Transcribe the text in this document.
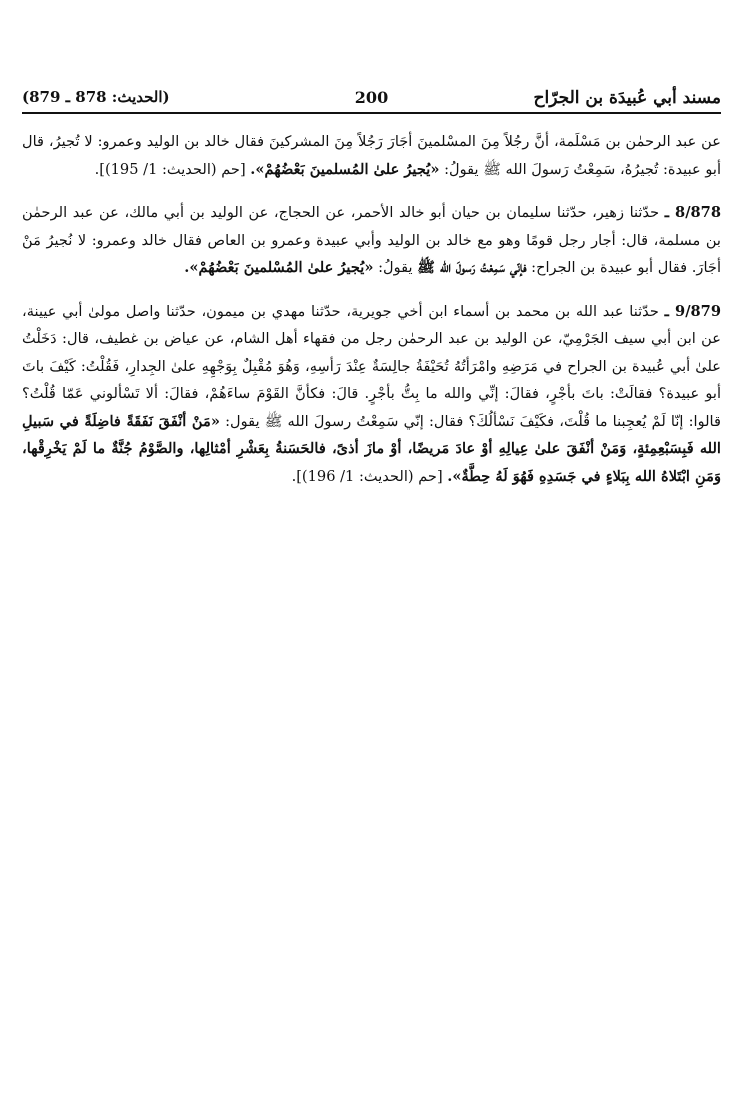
مسند أبي عُبيدَة بن الجرّاح
200
(الحديث: 878 ـ 879)

عن عبد الرحمٰن بن مَسْلَمة، أنَّ رجُلاً مِنَ المسْلمينَ أجَارَ رَجُلاً مِنَ المشركينَ فقال خالد بن الوليد وعمرو: لا تُجيرُ، قال أبو عبيدة: تُجيرُهُ، سَمِعْتُ رَسولَ الله ﷺ يقولُ: «يُجيرُ علىٰ المُسلمينَ بَعْضُهُمْ». [حم (الحديث: 1/ 195)].

8/878 ـ حدّثنا زهير، حدّثنا سليمان بن حيان أبو خالد الأحمر، عن الحجاج، عن الوليد بن أبي مالك، عن عبد الرحمٰن بن مسلمة، قال: أجار رجل قومًا وهو مع خالد بن الوليد وأبي عبيدة وعمرو بن العاص فقال خالد وعمرو: لا نُجيرُ مَنْ أجَارَ. فقال أبو عبيدة بن الجراح: فإنّي سَمِعْتُ رَسولَ الله ﷺ يقولُ: «يُجيرُ علىٰ المُسْلمينَ بَعْضُهُمْ».

9/879 ـ حدّثنا عبد الله بن محمد بن أسماء ابن أخي جويرية، حدّثنا مهدي بن ميمون، حدّثنا واصل مولىٰ أبي عيينة، عن ابن أبي سيف الجَرْمِيّ، عن الوليد بن عبد الرحمٰن رجل من فقهاء أهل الشام، عن عياض بن غطيف، قال: دَخَلْتُ علىٰ أبي عُبيدة بن الجراح في مَرَضِهِ وامْرَأتُهُ تُحَيْفَةُ جالِسَةٌ عِنْدَ رَأسِهِ، وَهُوَ مُقْبِلٌ بِوَجْهِهِ علىٰ الجِدارِ، فَقُلْتُ: كَيْفَ باتَ أبو عبيدة؟ فقالَتْ: باتَ بأجْرٍ، فقالَ: إنِّي والله ما بِتُّ بأجْرٍ. قالَ: فكأنَّ القَوْمَ ساءَهُمْ، فقالَ: ألا تَسْألوني عَمّا قُلْتُ؟ قالوا: إنّا لَمْ يُعجِبنا ما قُلْتَ، فكَيْفَ نَسْألُكَ؟ فقال: إنّي سَمِعْتُ رسولَ الله ﷺ يقول: «مَنْ أنْفَقَ نَفَقَةً فاضِلَةً في سَبيلِ الله فَبِسَبْعِمِئةٍ، وَمَنْ أنْفَقَ علىٰ عِيالِهِ أوْ عادَ مَريضًا، أوْ مازَ أذىً، فالحَسَنةُ بِعَشْرِ أمْثالِها، والصَّوْمُ جُنَّةٌ ما لَمْ يَخْرِقْها، وَمَنِ ابْتَلاهُ الله بِبَلاءٍ في جَسَدِهِ فَهُوَ لَهُ حِطَّةٌ». [حم (الحديث: 1/ 196)].
